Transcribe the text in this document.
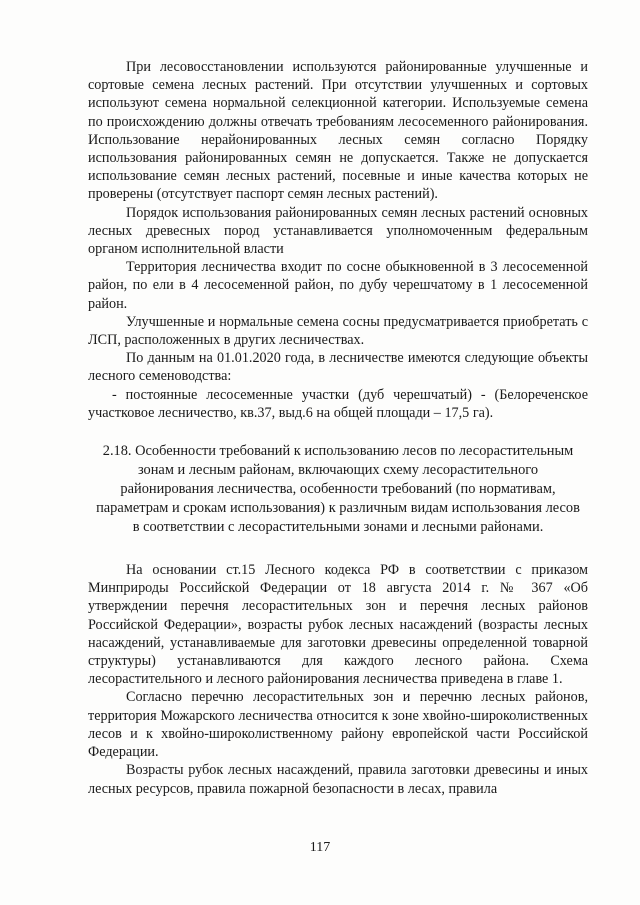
При лесовосстановлении используются районированные улучшенные и сортовые семена лесных растений. При отсутствии улучшенных и сортовых используют семена нормальной селекционной категории. Используемые семена по происхождению должны отвечать требованиям лесосеменного районирования. Использование нерайонированных лесных семян согласно Порядку использования районированных семян не допускается. Также не допускается использование семян лесных растений, посевные и иные качества которых не проверены (отсутствует паспорт семян лесных растений).

Порядок использования районированных семян лесных растений основных лесных древесных пород устанавливается уполномоченным федеральным органом исполнительной власти

Территория лесничества входит по сосне обыкновенной в 3 лесосеменной район, по ели в 4 лесосеменной район, по дубу черешчатому в 1 лесосеменной район.

Улучшенные и нормальные семена сосны предусматривается приобретать с ЛСП, расположенных в других лесничествах.

По данным на 01.01.2020 года, в лесничестве имеются следующие объекты лесного семеноводства:

- постоянные лесосеменные участки (дуб черешчатый) - (Белореченское участковое лесничество, кв.37, выд.6 на общей площади – 17,5 га).

2.18. Особенности требований к использованию лесов по лесорастительным зонам и лесным районам, включающих схему лесорастительного районирования лесничества, особенности требований (по нормативам, параметрам и срокам использования) к различным видам использования лесов в соответствии с лесорастительными зонами и лесными районами.

На основании ст.15 Лесного кодекса РФ в соответствии с приказом Минприроды Российской Федерации от 18 августа 2014 г. № 367 «Об утверждении перечня лесорастительных зон и перечня лесных районов Российской Федерации», возрасты рубок лесных насаждений (возрасты лесных насаждений, устанавливаемые для заготовки древесины определенной товарной структуры) устанавливаются для каждого лесного района. Схема лесорастительного и лесного районирования лесничества приведена в главе 1.

Согласно перечню лесорастительных зон и перечню лесных районов, территория Можарского лесничества относится к зоне хвойно-широколиственных лесов и к хвойно-широколиственному району европейской части Российской Федерации.

Возрасты рубок лесных насаждений, правила заготовки древесины и иных лесных ресурсов, правила пожарной безопасности в лесах, правила

117
